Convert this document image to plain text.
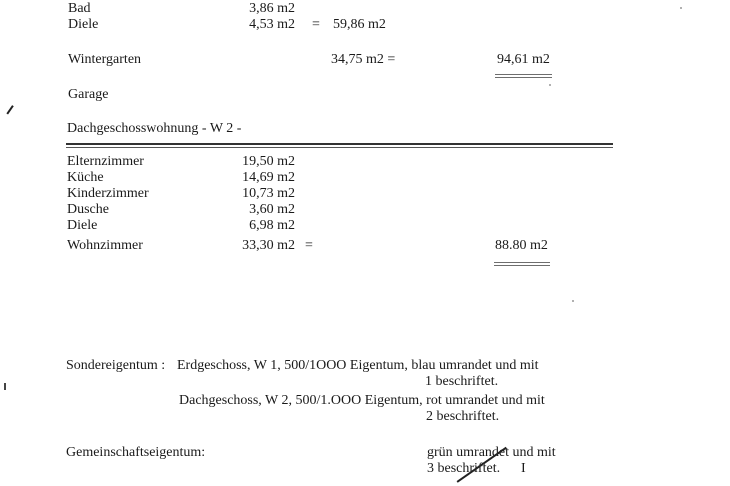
Bad	3,86 m2
Diele	4,53 m2 = 59,86 m2
Wintergarten	34,75 m2 =	94,61 m2
Garage
Dachgeschosswohnung - W 2 -
Elternzimmer	19,50 m2
Küche	14,69 m2
Kinderzimmer	10,73 m2
Dusche	3,60 m2
Diele	6,98 m2
Wohnzimmer	33,30 m2 =	88.80 m2
Sondereigentum : Erdgeschoss, W 1, 500/1OOO Eigentum, blau umrandet und mit
1 beschriftet.
Dachgeschoss, W 2, 500/1.OOO Eigentum, rot umrandet und mit
2 beschriftet.
Gemeinschaftseigentum:	grün umrandet und mit
3 beschriftet. I
